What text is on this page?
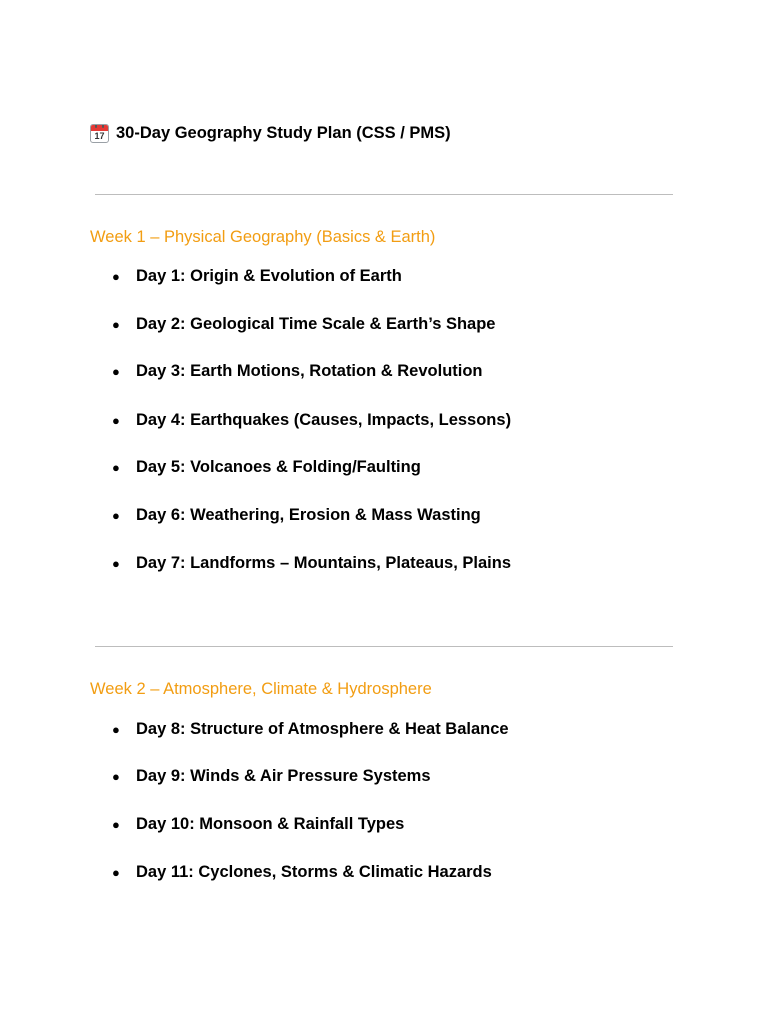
17 30-Day Geography Study Plan (CSS / PMS)
Week 1 – Physical Geography (Basics & Earth)
● Day 1: Origin & Evolution of Earth
● Day 2: Geological Time Scale & Earth’s Shape
● Day 3: Earth Motions, Rotation & Revolution
● Day 4: Earthquakes (Causes, Impacts, Lessons)
● Day 5: Volcanoes & Folding/Faulting
● Day 6: Weathering, Erosion & Mass Wasting
● Day 7: Landforms – Mountains, Plateaus, Plains
Week 2 – Atmosphere, Climate & Hydrosphere
● Day 8: Structure of Atmosphere & Heat Balance
● Day 9: Winds & Air Pressure Systems
● Day 10: Monsoon & Rainfall Types
● Day 11: Cyclones, Storms & Climatic Hazards
